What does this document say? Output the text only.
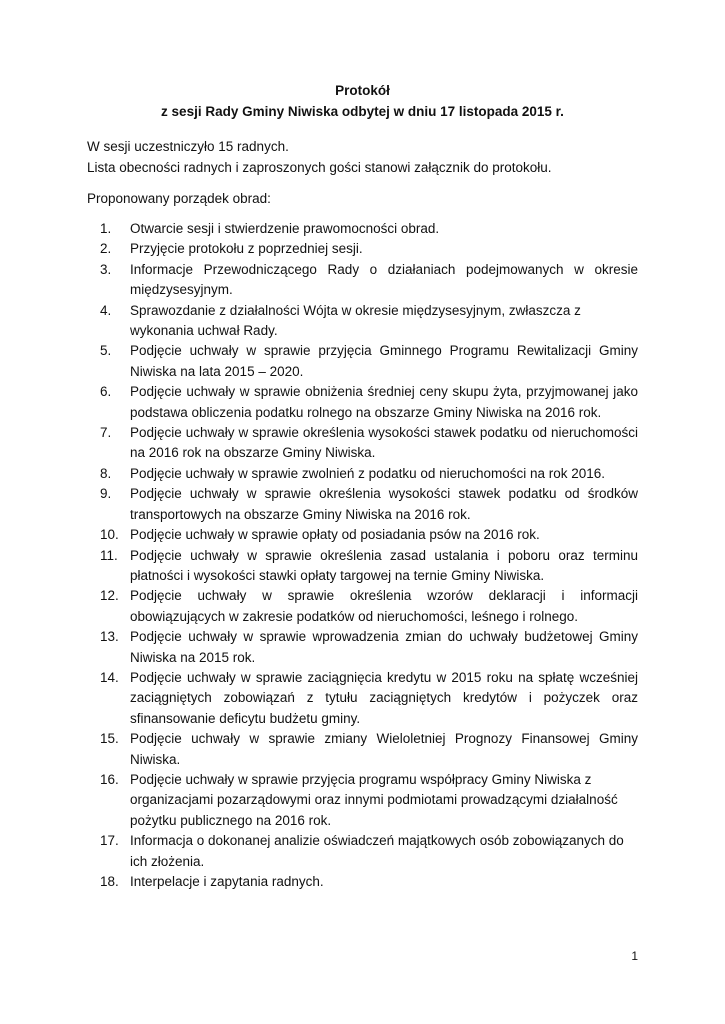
Protokół
z sesji Rady Gminy Niwiska odbytej w dniu 17 listopada 2015 r.

W sesji uczestniczyło 15 radnych.

Lista obecności radnych i zaproszonych gości stanowi załącznik do protokołu.

Proponowany porządek obrad:

1.	Otwarcie sesji i stwierdzenie prawomocności obrad.
2.	Przyjęcie protokołu z poprzedniej sesji.
3.	Informacje Przewodniczącego Rady o działaniach podejmowanych w okresie międzysesyjnym.
4.	Sprawozdanie z działalności Wójta w okresie międzysesyjnym, zwłaszcza z wykonania uchwał Rady.
5.	Podjęcie uchwały w sprawie przyjęcia Gminnego Programu Rewitalizacji Gminy Niwiska na lata 2015 – 2020.
6.	Podjęcie uchwały w sprawie obniżenia średniej ceny skupu żyta, przyjmowanej jako podstawa obliczenia podatku rolnego na obszarze Gminy Niwiska na 2016 rok.
7.	Podjęcie uchwały w sprawie określenia wysokości stawek podatku od nieruchomości na 2016 rok na obszarze Gminy Niwiska.
8.	Podjęcie uchwały w sprawie zwolnień z podatku od nieruchomości na rok 2016.
9.	Podjęcie uchwały w sprawie określenia wysokości stawek podatku od środków transportowych na obszarze Gminy Niwiska na 2016 rok.
10. Podjęcie uchwały w sprawie opłaty od posiadania psów na 2016 rok.
11. Podjęcie uchwały w sprawie określenia zasad ustalania i poboru oraz terminu płatności i wysokości stawki opłaty targowej na ternie Gminy Niwiska.
12. Podjęcie uchwały w sprawie określenia wzorów deklaracji i informacji obowiązujących w zakresie podatków od nieruchomości, leśnego i rolnego.
13. Podjęcie uchwały w sprawie wprowadzenia zmian do uchwały budżetowej Gminy Niwiska na 2015 rok.
14. Podjęcie uchwały w sprawie zaciągnięcia kredytu w 2015 roku na spłatę wcześniej zaciągniętych zobowiązań z tytułu zaciągniętych kredytów i pożyczek oraz sfinansowanie deficytu budżetu gminy.
15. Podjęcie uchwały w sprawie zmiany Wieloletniej Prognozy Finansowej Gminy Niwiska.
16. Podjęcie uchwały w sprawie przyjęcia programu współpracy Gminy Niwiska z organizacjami pozarządowymi oraz innymi podmiotami prowadzącymi działalność pożytku publicznego na 2016 rok.
17. Informacja o dokonanej analizie oświadczeń majątkowych osób zobowiązanych do ich złożenia.
18. Interpelacje i zapytania radnych.
1
